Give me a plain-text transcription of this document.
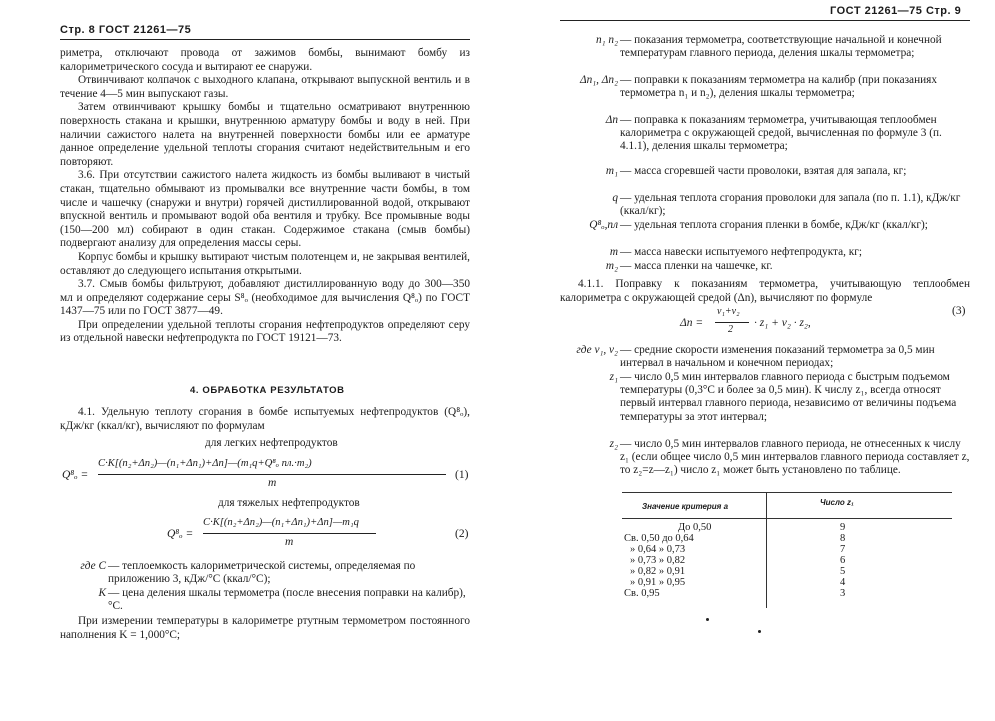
Стр. 8 ГОСТ 21261—75

риметра, отключают провода от зажимов бомбы, вынимают бомбу из калориметрического сосуда и вытирают ее снаружи.

Отвинчивают колпачок с выходного клапана, открывают выпускной вентиль и в течение 4—5 мин выпускают газы.

Затем отвинчивают крышку бомбы и тщательно осматривают внутреннюю поверхность стакана и крышки, внутреннюю арматуру бомбы и воду в ней. При наличии сажистого налета на внутренней поверхности бомбы или ее арматуре данное определение удельной теплоты сгорания считают недействительным и его повторяют.

3.6. При отсутствии сажистого налета жидкость из бомбы выливают в чистый стакан, тщательно обмывают из промывалки все внутренние части бомбы, в том числе и чашечку (снаружи и внутри) горячей дистиллированной водой, открывают впускной вентиль и промывают водой оба вентиля и трубку. Все промывные воды (150—200 мл) собирают в один стакан. Содержимое стакана (смыв бомбы) подвергают анализу для определения массы серы.

Корпус бомбы и крышку вытирают чистым полотенцем и, не закрывая вентилей, оставляют до следующего испытания открытыми.

3.7. Смыв бомбы фильтруют, добавляют дистиллированную воду до 300—350 мл и определяют содержание серы S⁸ₒ (необходимое для вычисления Q⁸ₒ) по ГОСТ 1437—75 или по ГОСТ 3877—49.

При определении удельной теплоты сгорания нефтепродуктов определяют серу из отдельной навески нефтепродукта по ГОСТ 19121—73.

4. ОБРАБОТКА РЕЗУЛЬТАТОВ

4.1. Удельную теплоту сгорания в бомбе испытуемых нефтепродуктов (Q⁸ₒ), кДж/кг (ккал/кг), вычисляют по формулам

для легких нефтепродуктов
Q⁸ₒ =
C·K[(n₂+Δn₂)—(n₁+Δn₁)+Δn]—(m₁q+Q⁸ₒ пл.·m₂)
m
(1)
для тяжелых нефтепродуктов
Q⁸ₒ =
C·K[(n₂+Δn₂)—(n₁+Δn₁)+Δn]—m₁q
m
(2)
где C — теплоемкость калориметрической системы, определяемая по приложению 3, кДж/°C (ккал/°C);
K — цена деления шкалы термометра (после внесения поправки на калибр), °C.

При измерении температуры в калориметре ртутным термометром постоянного наполнения K = 1,000°C;

ГОСТ 21261—75 Стр. 9
n₁ n₂ — показания термометра, соответствующие начальной и конечной температурам главного периода, деления шкалы термометра;
Δn₁, Δn₂ — поправки к показаниям термометра на калибр (при показаниях термометра n₁ и n₂), деления шкалы термометра;
Δn — поправка к показаниям термометра, учитывающая теплообмен калориметра с окружающей средой, вычисленная по формуле 3 (п. 4.1.1), деления шкалы термометра;
m₁ — масса сгоревшей части проволоки, взятая для запала, кг;
q — удельная теплота сгорания проволоки для запала (по п. 1.1), кДж/кг (ккал/кг);
Q⁸ₒ,пл — удельная теплота сгорания пленки в бомбе, кДж/кг (ккал/кг);
m — масса навески испытуемого нефтепродукта, кг;
m₂ — масса пленки на чашечке, кг.

4.1.1. Поправку к показаниям термометра, учитывающую теплообмен калориметра с окружающей средой (Δn), вычисляют по формуле

Δn =
v₁+v₂
2
· z₁ + v₂ · z₂,
(3)
где v₁, v₂ — средние скорости изменения показаний термометра за 0,5 мин интервал в начальном и конечном периодах;
z₁ — число 0,5 мин интервалов главного периода с быстрым подъемом температуры (0,3°C и более за 0,5 мин). К числу z₁, всегда относят первый интервал главного периода, независимо от величины подъема температуры за этот интервал;
z₂ — число 0,5 мин интервалов главного периода, не отнесенных к числу z₁ (если общее число 0,5 мин интервалов главного периода составляет z, то z₂=z—z₁) число z₁ может быть установлено по таблице.
Значение критерия a	Число z₁
До 0,50	9
Св. 0,50 до 0,64	8
» 0,64 » 0,73	7
» 0,73 » 0,82	6
» 0,82 » 0,91	5
» 0,91 » 0,95	4
Св. 0,95	3
